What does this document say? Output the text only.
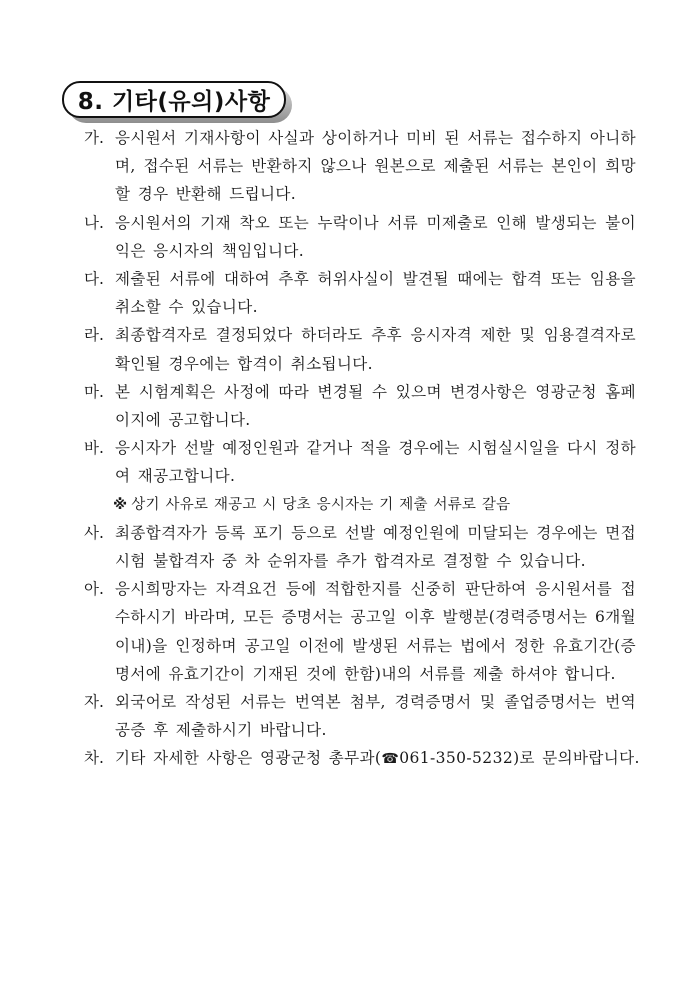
8. 기타(유의)사항
가. 응시원서 기재사항이 사실과 상이하거나 미비 된 서류는 접수하지 아니하며, 접수된 서류는 반환하지 않으나 원본으로 제출된 서류는 본인이 희망할 경우 반환해 드립니다.
나. 응시원서의 기재 착오 또는 누락이나 서류 미제출로 인해 발생되는 불이익은 응시자의 책임입니다.
다. 제출된 서류에 대하여 추후 허위사실이 발견될 때에는 합격 또는 임용을 취소할 수 있습니다.
라. 최종합격자로 결정되었다 하더라도 추후 응시자격 제한 및 임용결격자로 확인될 경우에는 합격이 취소됩니다.
마. 본 시험계획은 사정에 따라 변경될 수 있으며 변경사항은 영광군청 홈페이지에 공고합니다.
바. 응시자가 선발 예정인원과 같거나 적을 경우에는 시험실시일을 다시 정하여 재공고합니다.
※ 상기 사유로 재공고 시 당초 응시자는 기 제출 서류로 갈음
사. 최종합격자가 등록 포기 등으로 선발 예정인원에 미달되는 경우에는 면접시험 불합격자 중 차 순위자를 추가 합격자로 결정할 수 있습니다.
아. 응시희망자는 자격요건 등에 적합한지를 신중히 판단하여 응시원서를 접수하시기 바라며, 모든 증명서는 공고일 이후 발행분(경력증명서는 6개월 이내)을 인정하며 공고일 이전에 발생된 서류는 법에서 정한 유효기간(증명서에 유효기간이 기재된 것에 한함)내의 서류를 제출 하셔야 합니다.
자. 외국어로 작성된 서류는 번역본 첨부, 경력증명서 및 졸업증명서는 번역 공증 후 제출하시기 바랍니다.
차. 기타 자세한 사항은 영광군청 총무과(☎061-350-5232)로 문의바랍니다.
